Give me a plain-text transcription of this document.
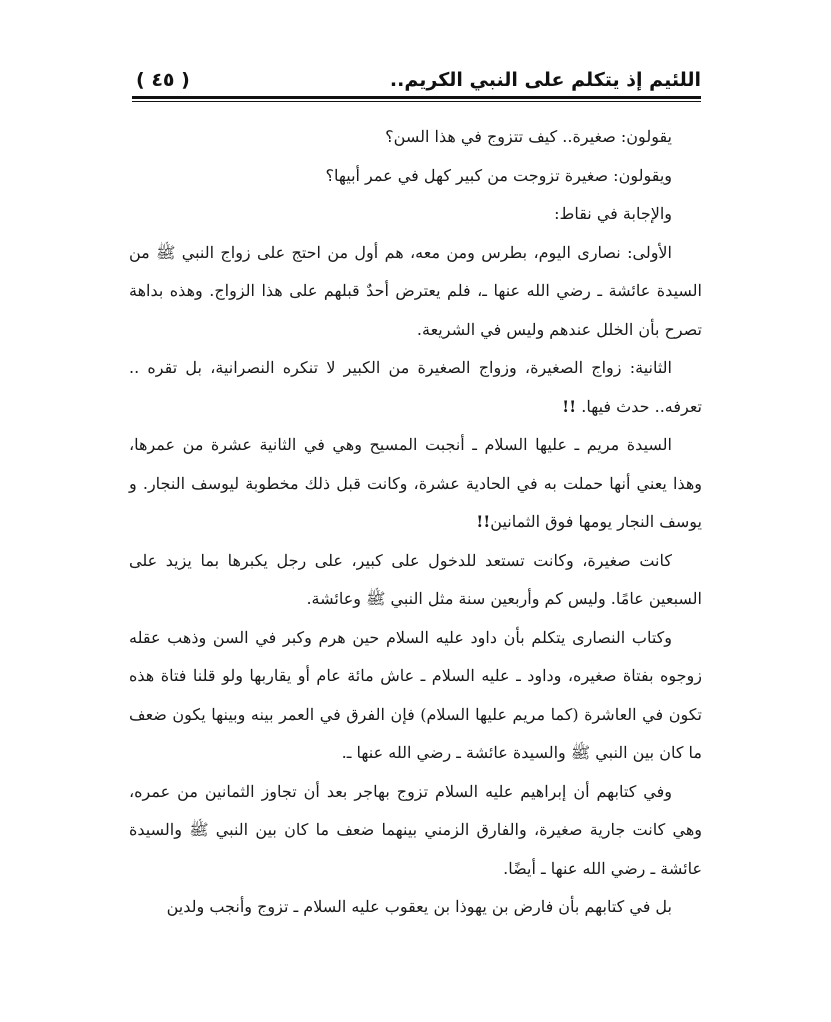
اللئيم إذ يتكلم على النبي الكريم..
( ٤٥ )

يقولون: صغيرة.. كيف تتزوج في هذا السن؟

ويقولون: صغيرة تزوجت من كبير كهل في عمر أبيها؟

والإجابة في نقاط:

الأولى: نصارى اليوم، بطرس ومن معه، هم أول من احتج على زواج النبي ﷺ من السيدة عائشة ـ رضي الله عنها ـ، فلم يعترض أحدٌ قبلهم على هذا الزواج. وهذه بداهة تصرح بأن الخلل عندهم وليس في الشريعة.

الثانية: زواج الصغيرة، وزواج الصغيرة من الكبير لا تنكره النصرانية، بل تقره .. تعرفه.. حدث فيها. !!

السيدة مريم ـ عليها السلام ـ أنجبت المسيح وهي في الثانية عشرة من عمرها، وهذا يعني أنها حملت به في الحادية عشرة، وكانت قبل ذلك مخطوبة ليوسف النجار. و يوسف النجار يومها فوق الثمانين!!

كانت صغيرة، وكانت تستعد للدخول على كبير، على رجل يكبرها بما يزيد على السبعين عامًا. وليس كم وأربعين سنة مثل النبي ﷺ وعائشة.

وكتاب النصارى يتكلم بأن داود عليه السلام حين هرم وكبر في السن وذهب عقله زوجوه بفتاة صغيره، وداود ـ عليه السلام ـ عاش مائة عام أو يقاربها ولو قلنا فتاة هذه تكون في العاشرة (كما مريم عليها السلام) فإن الفرق في العمر بينه وبينها يكون ضعف ما كان بين النبي ﷺ والسيدة عائشة ـ رضي الله عنها ـ.

وفي كتابهم أن إبراهيم عليه السلام تزوج بهاجر بعد أن تجاوز الثمانين من عمره، وهي كانت جارية صغيرة، والفارق الزمني بينهما ضعف ما كان بين النبي ﷺ والسيدة عائشة ـ رضي الله عنها ـ أيضًا.

بل في كتابهم بأن فارض بن يهوذا بن يعقوب عليه السلام ـ تزوج وأنجب ولدين
